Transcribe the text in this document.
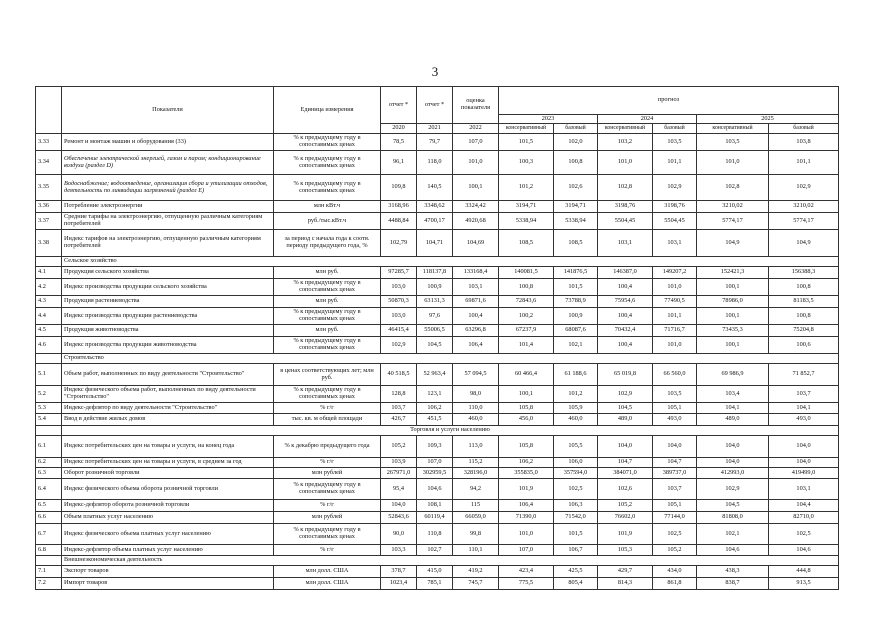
3
	Показатели	Единица измерения	отчет *	отчет *	оценка показателя	прогноз					
						2023		2024		2025	
			2020	2021	2022	консервативный	базовый	консервативный	базовый	консервативный	базовый
3.33	Ремонт и монтаж машин и оборудования (33)	% к предыдущему году в сопоставимых ценах	78,5	79,7	107,0	101,5	102,0	103,2	103,5	103,5	103,8
3.34	Обеспечение электрической энергией, газом и паром; кондиционирование воздуха (раздел D)	% к предыдущему году в сопоставимых ценах	96,1	118,0	101,0	100,3	100,8	101,0	101,1	101,0	101,1
3.35	Водоснабжение; водоотведение, организация сбора и утилизации отходов, деятельность по ликвидации загрязнений (раздел E)	% к предыдущему году в сопоставимых ценах	109,8	140,5	100,1	101,2	102,6	102,8	102,9	102,8	102,9
3.36	Потребление электроэнергии	млн кВт.ч	3168,96	3348,62	3324,42	3194,71	3194,71	3198,76	3198,76	3210,02	3210,02
3.37	Средние тарифы на электроэнергию, отпущенную различным категориям потребителей	руб./тыс.кВт.ч	4488,84	4700,17	4920,68	5338,94	5338,94	5504,45	5504,45	5774,17	5774,17
3.38	Индекс тарифов на электроэнергию, отпущенную различным категориям потребителей	за период с начала года к соотв. периоду предыдущего года, %	102,79	104,71	104,69	108,5	108,5	103,1	103,1	104,9	104,9
	Сельское хозяйство										
4.1	Продукция сельского хозяйства	млн руб.	97285,7	118137,8	133168,4	140081,5	141876,5	146387,0	149207,2	152421,3	156388,3
4.2	Индекс производства продукции сельского хозяйства	% к предыдущему году в сопоставимых ценах	103,0	100,9	103,1	100,8	101,5	100,4	101,0	100,1	100,8
4.3	Продукция растениеводства	млн руб.	50870,3	63131,3	69871,6	72843,6	73788,9	75954,6	77490,5	78986,0	81183,5
4.4	Индекс производства продукции растениеводства	% к предыдущему году в сопоставимых ценах	103,0	97,6	100,4	100,2	100,9	100,4	101,1	100,1	100,8
4.5	Продукция животноводства	млн руб.	46415,4	55006,5	63296,8	67237,9	68087,6	70432,4	71716,7	73435,3	75204,8
4.6	Индекс производства продукции животноводства	% к предыдущему году в сопоставимых ценах	102,9	104,5	106,4	101,4	102,1	100,4	101,0	100,1	100,6
	Строительство										
5.1	Объем работ, выполненных по виду деятельности "Строительство"	в ценах соответствующих лет; млн руб.	40 518,5	52 963,4	57 094,5	60 466,4	61 188,6	65 019,8	66 560,0	69 986,9	71 852,7
5.2	Индекс физического объема работ, выполненных по виду деятельности "Строительство"	% к предыдущему году в сопоставимых ценах	128,8	123,1	98,0	100,1	101,2	102,9	103,5	103,4	103,7
5.3	Индекс-дефлятор по виду деятельности "Строительство"	% г/г	103,7	106,2	110,0	105,8	105,9	104,5	105,1	104,1	104,1
5.4	Ввод в действие жилых домов	тыс. кв. м общей площади	426,7	451,5	460,0	456,0	460,0	489,0	493,0	489,0	493,0
	Торговля и услуги населению										
6.1	Индекс потребительских цен на товары и услуги, на конец года	% к декабрю предыдущего года	105,2	109,3	113,0	105,8	105,5	104,0	104,0	104,0	104,0
6.2	Индекс потребительских цен на товары и услуги, в среднем за год	% г/г	103,9	107,0	115,2	106,2	106,0	104,7	104,7	104,0	104,0
6.3	Оборот розничной торговли	млн рублей	267971,0	302959,5	328196,0	355835,0	357594,0	384071,0	389737,0	412993,0	419499,0
6.4	Индекс физического объема оборота розничной торговли	% к предыдущему году в сопоставимых ценах	95,4	104,6	94,2	101,9	102,5	102,6	103,7	102,9	103,1
6.5	Индекс-дефлятор оборота розничной торговли	% г/г	104,0	108,1	115	106,4	106,3	105,2	105,1	104,5	104,4
6.6	Объем платных услуг населению	млн рублей	52843,6	60119,4	66059,0	71390,0	71542,0	76602,0	77144,0	81808,0	82710,0
6.7	Индекс физического объема платных услуг населению	% к предыдущему году в сопоставимых ценах	90,0	110,8	99,8	101,0	101,5	101,9	102,5	102,1	102,5
6.8	Индекс-дефлятор объема платных услуг населению	% г/г	103,3	102,7	110,1	107,0	106,7	105,3	105,2	104,6	104,6
	Внешнеэкономическая деятельность										
7.1	Экспорт товаров	млн долл. США	378,7	415,0	419,2	423,4	425,5	429,7	434,0	438,3	444,8
7.2	Импорт товаров	млн долл. США	1023,4	785,1	745,7	775,5	805,4	814,3	861,8	838,7	913,5
